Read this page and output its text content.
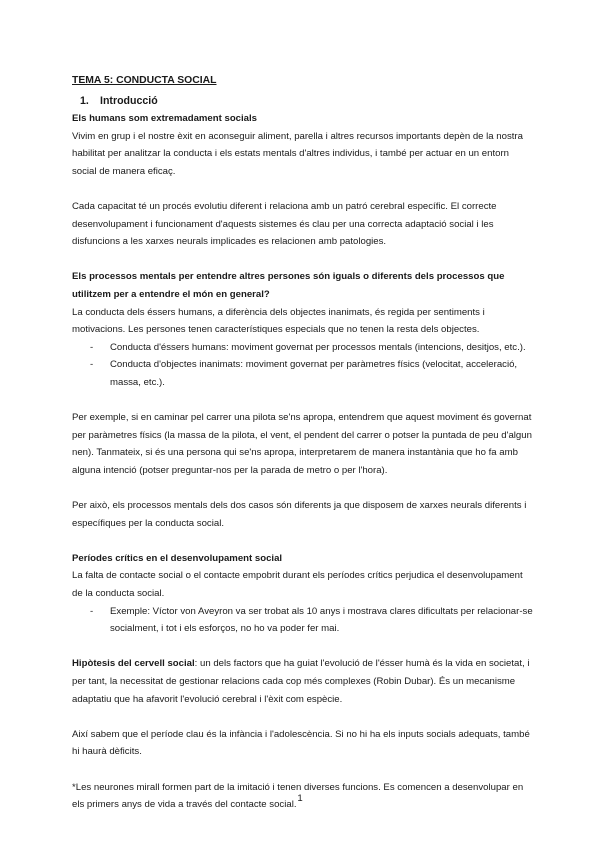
TEMA 5: CONDUCTA SOCIAL
1.	Introducció

Els humans som extremadament socials

Vivim en grup i el nostre èxit en aconseguir aliment, parella i altres recursos importants depèn de la nostra habilitat per analitzar la conducta i els estats mentals d'altres individus, i també per actuar en un entorn social de manera eficaç.

Cada capacitat té un procés evolutiu diferent i relaciona amb un patró cerebral específic. El correcte desenvolupament i funcionament d'aquests sistemes és clau per una correcta adaptació social i les disfuncions a les xarxes neurals implicades es relacionen amb patologies.

Els processos mentals per entendre altres persones són iguals o diferents dels processos que utilitzem per a entendre el món en general?

La conducta dels éssers humans, a diferència dels objectes inanimats, és regida per sentiments i motivacions. Les persones tenen característiques especials que no tenen la resta dels objectes.

- Conducta d'éssers humans: moviment governat per processos mentals (intencions, desitjos, etc.).
- Conducta d'objectes inanimats: moviment governat per paràmetres físics (velocitat, acceleració, massa, etc.).

Per exemple, si en caminar pel carrer una pilota se'ns apropa, entendrem que aquest moviment és governat per paràmetres físics (la massa de la pilota, el vent, el pendent del carrer o potser la puntada de peu d'algun nen). Tanmateix, si és una persona qui se'ns apropa, interpretarem de manera instantània que ho fa amb alguna intenció (potser preguntar-nos per la parada de metro o per l'hora).

Per això, els processos mentals dels dos casos són diferents ja que disposem de xarxes neurals diferents i específiques per la conducta social.

Períodes crítics en el desenvolupament social

La falta de contacte social o el contacte empobrit durant els períodes crítics perjudica el desenvolupament de la conducta social.

- Exemple: Víctor von Aveyron va ser trobat als 10 anys i mostrava clares dificultats per relacionar-se socialment, i tot i els esforços, no ho va poder fer mai.

Hipòtesis del cervell social: un dels factors que ha guiat l'evolució de l'ésser humà és la vida en societat, i per tant, la necessitat de gestionar relacions cada cop més complexes (Robin Dubar). És un mecanisme adaptatiu que ha afavorit l'evolució cerebral i l'èxit com espècie.

Així sabem que el període clau és la infància i l'adolescència. Si no hi ha els inputs socials adequats, també hi haurà dèficits.

*Les neurones mirall formen part de la imitació i tenen diverses funcions. Es comencen a desenvolupar en els primers anys de vida a través del contacte social.

1
